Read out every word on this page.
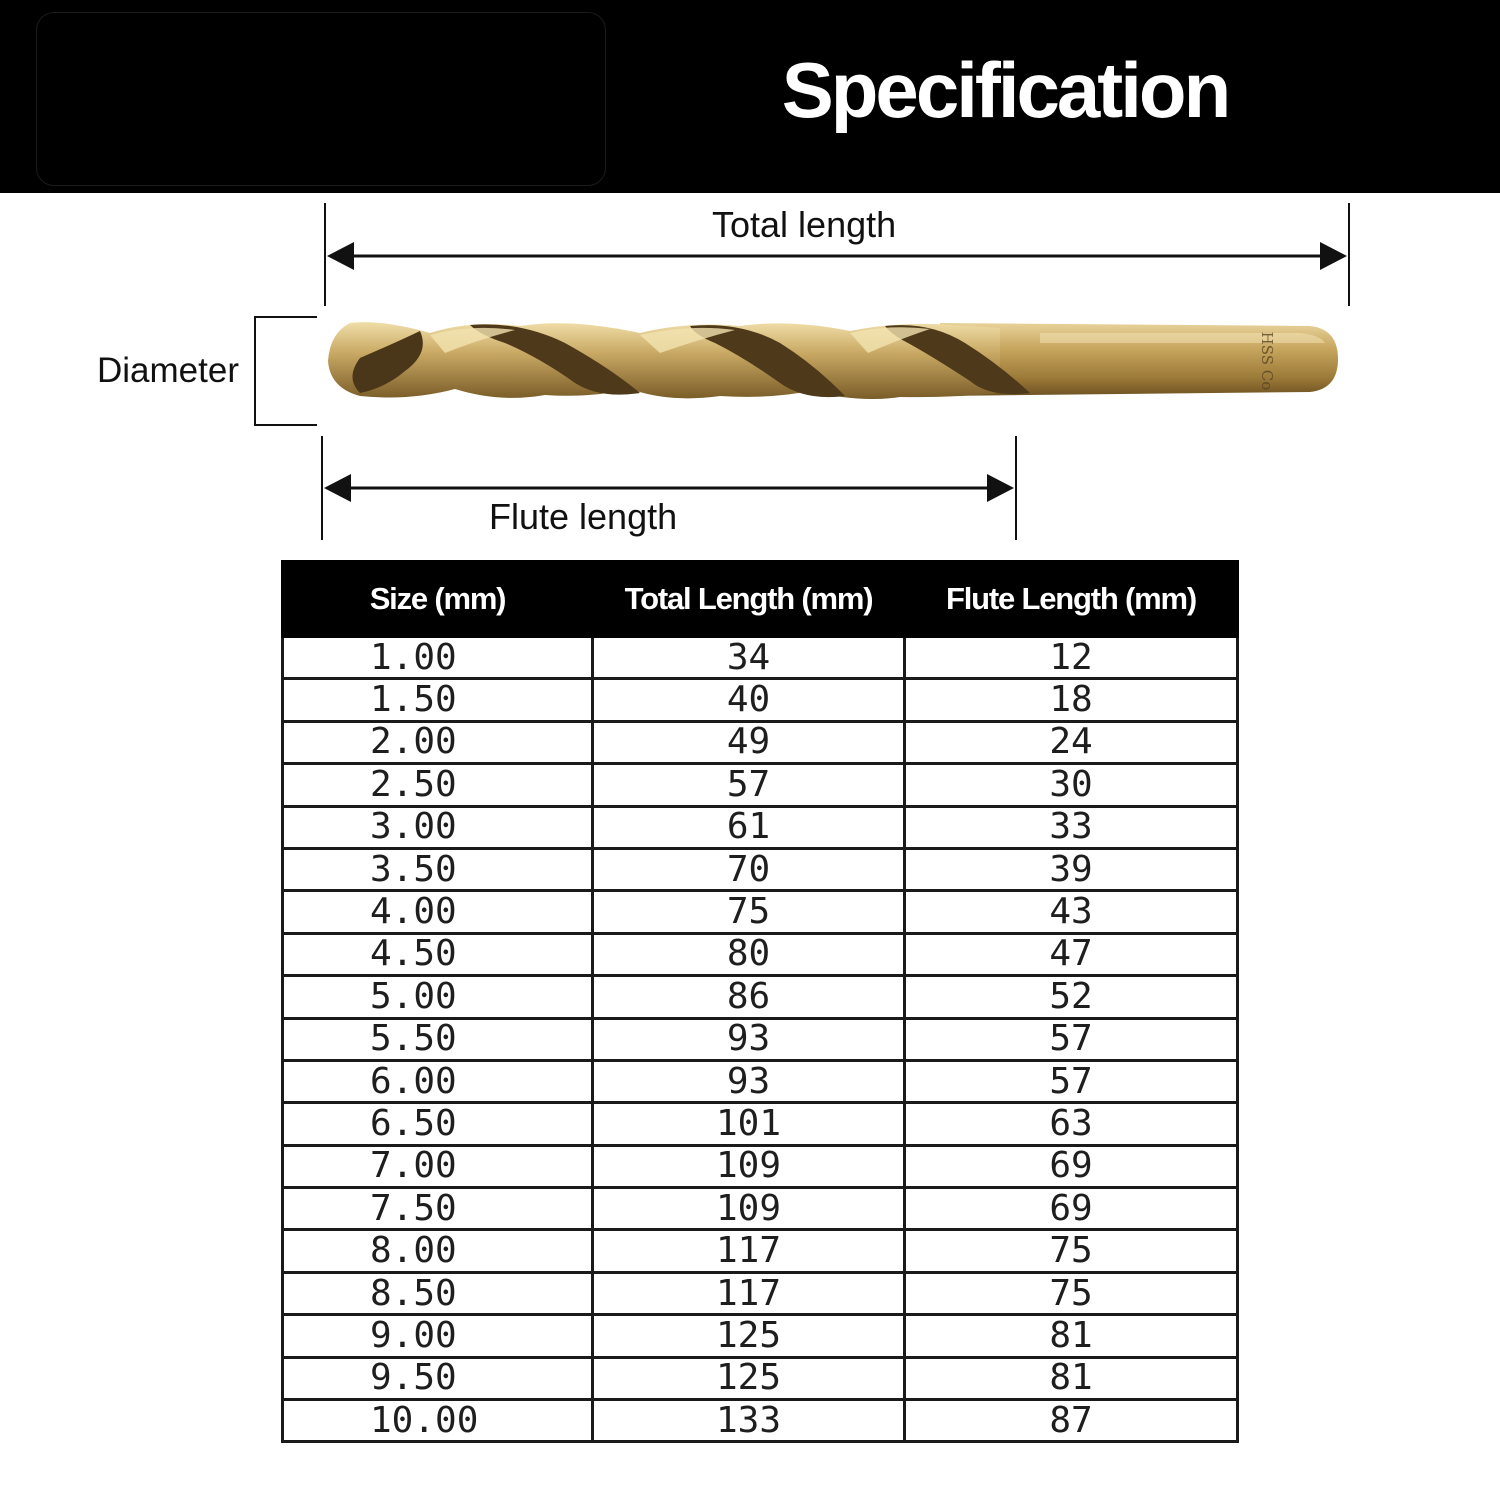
Specification
HSS Co
Total length
Diameter
Flute length
Size (mm)	Total Length (mm)	Flute Length (mm)
1.00	34	12
1.50	40	18
2.00	49	24
2.50	57	30
3.00	61	33
3.50	70	39
4.00	75	43
4.50	80	47
5.00	86	52
5.50	93	57
6.00	93	57
6.50	101	63
7.00	109	69
7.50	109	69
8.00	117	75
8.50	117	75
9.00	125	81
9.50	125	81
10.00	133	87
